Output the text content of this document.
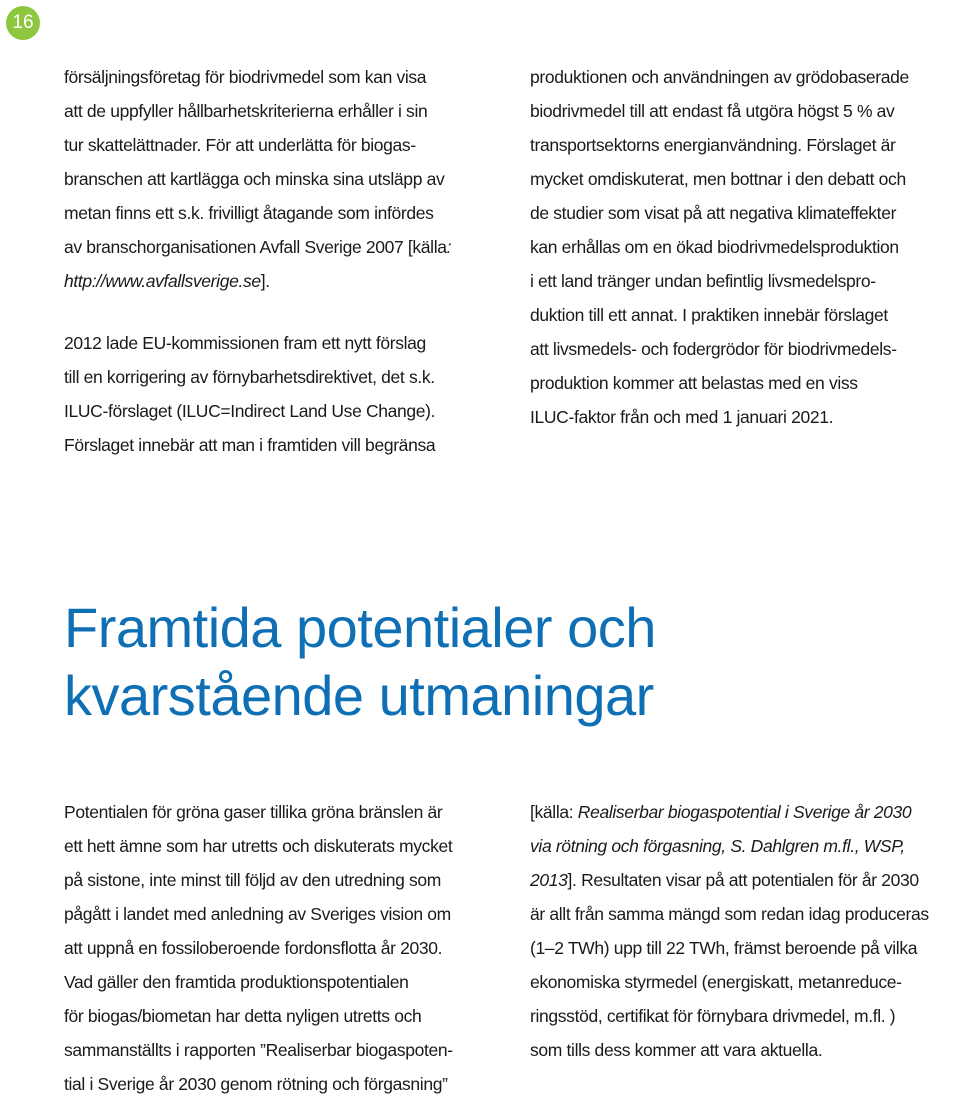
16

försäljningsföretag för biodrivmedel som kan visa
att de uppfyller hållbarhetskriterierna erhåller i sin
tur skattelättnader. För att underlätta för biogas-
branschen att kartlägga och minska sina utsläpp av
metan finns ett s.k. frivilligt åtagande som infördes
av branschorganisationen Avfall Sverige 2007 [källa:
http://www.avfallsverige.se].

2012 lade EU-kommissionen fram ett nytt förslag
till en korrigering av förnybarhetsdirektivet, det s.k.
ILUC-förslaget (ILUC=Indirect Land Use Change).
Förslaget innebär att man i framtiden vill begränsa

produktionen och användningen av grödobaserade
biodrivmedel till att endast få utgöra högst 5 % av
transportsektorns energianvändning. Förslaget är
mycket omdiskuterat, men bottnar i den debatt och
de studier som visat på att negativa klimateffekter
kan erhållas om en ökad biodrivmedelsproduktion
i ett land tränger undan befintlig livsmedelspro-
duktion till ett annat. I praktiken innebär förslaget
att livsmedels- och fodergrödor för biodrivmedels-
produktion kommer att belastas med en viss
ILUC-faktor från och med 1 januari 2021.

Framtida potentialer och
kvarstående utmaningar

Potentialen för gröna gaser tillika gröna bränslen är
ett hett ämne som har utretts och diskuterats mycket
på sistone, inte minst till följd av den utredning som
pågått i landet med anledning av Sveriges vision om
att uppnå en fossiloberoende fordonsflotta år 2030.
Vad gäller den framtida produktionspotentialen
för biogas/biometan har detta nyligen utretts och
sammanställts i rapporten ”Realiserbar biogaspoten-
tial i Sverige år 2030 genom rötning och förgasning”

[källa: Realiserbar biogaspotential i Sverige år 2030
via rötning och förgasning, S. Dahlgren m.fl., WSP,
2013]. Resultaten visar på att potentialen för år 2030
är allt från samma mängd som redan idag produceras
(1–2 TWh) upp till 22 TWh, främst beroende på vilka
ekonomiska styrmedel (energiskatt, metanreduce-
ringsstöd, certifikat för förnybara drivmedel, m.fl. )
som tills dess kommer att vara aktuella.
